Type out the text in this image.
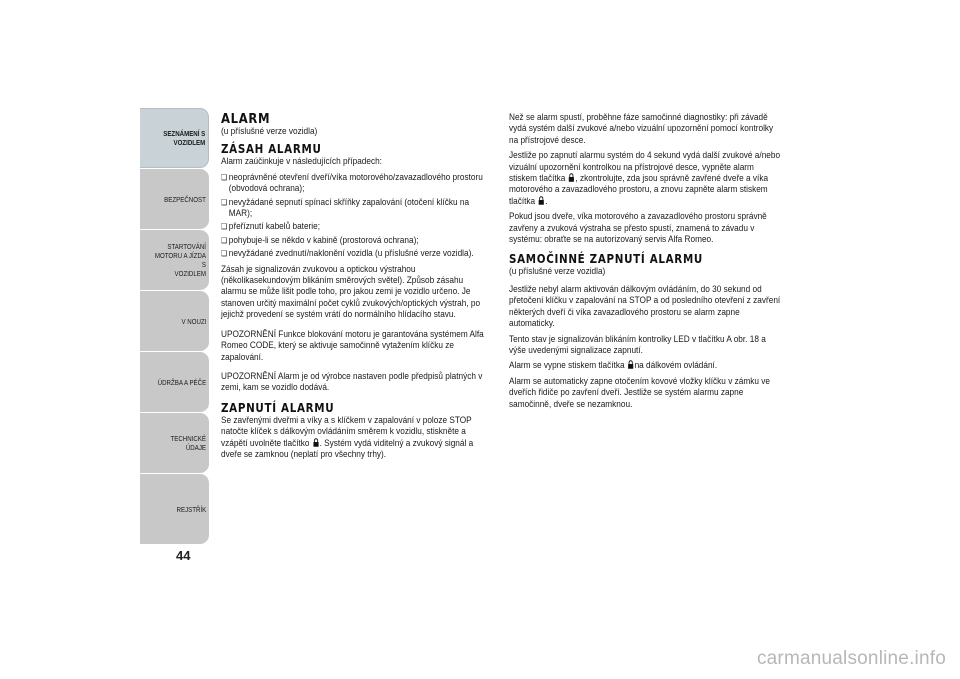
SEZNÁMENÍ S
VOZIDLEM
BEZPEČNOST
STARTOVÁNÍ
MOTORU A JÍZDA S
VOZIDLEM
V NOUZI
ÚDRŽBA A PÉČE
TECHNICKÉ ÚDAJE
REJSTŘÍK
44
ALARM

(u příslušné verze vozidla)

ZÁSAH ALARMU

Alarm zaúčinkuje v následujících případech:

❏ neoprávněné otevření dveří/víka motorového/zavazadlového prostoru (obvodová ochrana);
❏ nevyžádané sepnutí spínací skříňky zapalování (otočení klíčku na MAR);
❏ přeříznutí kabelů baterie;
❏ pohybuje-li se někdo v kabině (prostorová ochrana);
❏ nevyžádané zvednutí/naklonění vozidla (u příslušné verze vozidla).

Zásah je signalizován zvukovou a optickou výstrahou (několikasekundovým blikáním směrových světel). Způsob zásahu alarmu se může lišit podle toho, pro jakou zemi je vozidlo určeno. Je stanoven určitý maximální počet cyklů zvukových/optických výstrah, po jejichž provedení se systém vrátí do normálního hlídacího stavu.

UPOZORNĚNÍ Funkce blokování motoru je garantována systémem Alfa Romeo CODE, který se aktivuje samočinně vytažením klíčku ze zapalování.

UPOZORNĚNÍ Alarm je od výrobce nastaven podle předpisů platných v zemi, kam se vozidlo dodává.

ZAPNUTÍ ALARMU

Se zavřenými dveřmi a víky a s klíčkem v zapalování v poloze STOP natočte klíček s dálkovým ovládáním směrem k vozidlu, stiskněte a vzápětí uvolněte tlačítko . Systém vydá viditelný a zvukový signál a dveře se zamknou (neplatí pro všechny trhy).

Než se alarm spustí, proběhne fáze samočinné diagnostiky: při závadě vydá systém další zvukové a/nebo vizuální upozornění pomocí kontrolky na přístrojové desce.

Jestliže po zapnutí alarmu systém do 4 sekund vydá další zvukové a/nebo vizuální upozornění kontrolkou na přístrojové desce, vypněte alarm stiskem tlačítka , zkontrolujte, zda jsou správně zavřené dveře a víka motorového a zavazadlového prostoru, a znovu zapněte alarm stiskem tlačítka .

Pokud jsou dveře, víka motorového a zavazadlového prostoru správně zavřeny a zvuková výstraha se přesto spustí, znamená to závadu v systému: obraťte se na autorizovaný servis Alfa Romeo.

SAMOČINNÉ ZAPNUTÍ ALARMU

(u příslušné verze vozidla)

Jestliže nebyl alarm aktivován dálkovým ovládáním, do 30 sekund od přetočení klíčku v zapalování na STOP a od posledního otevření z zavření některých dveří či víka zavazadlového prostoru se alarm zapne automaticky.

Tento stav je signalizován blikáním kontrolky LED v tlačítku A obr. 18 a výše uvedenými signalizace zapnutí.

Alarm se vypne stiskem tlačítka na dálkovém ovládání.

Alarm se automaticky zapne otočením kovové vložky klíčku v zámku ve dveřích řidiče po zavření dveří. Jestliže se systém alarmu zapne samočinně, dveře se nezamknou.

carmanualsonline.info
